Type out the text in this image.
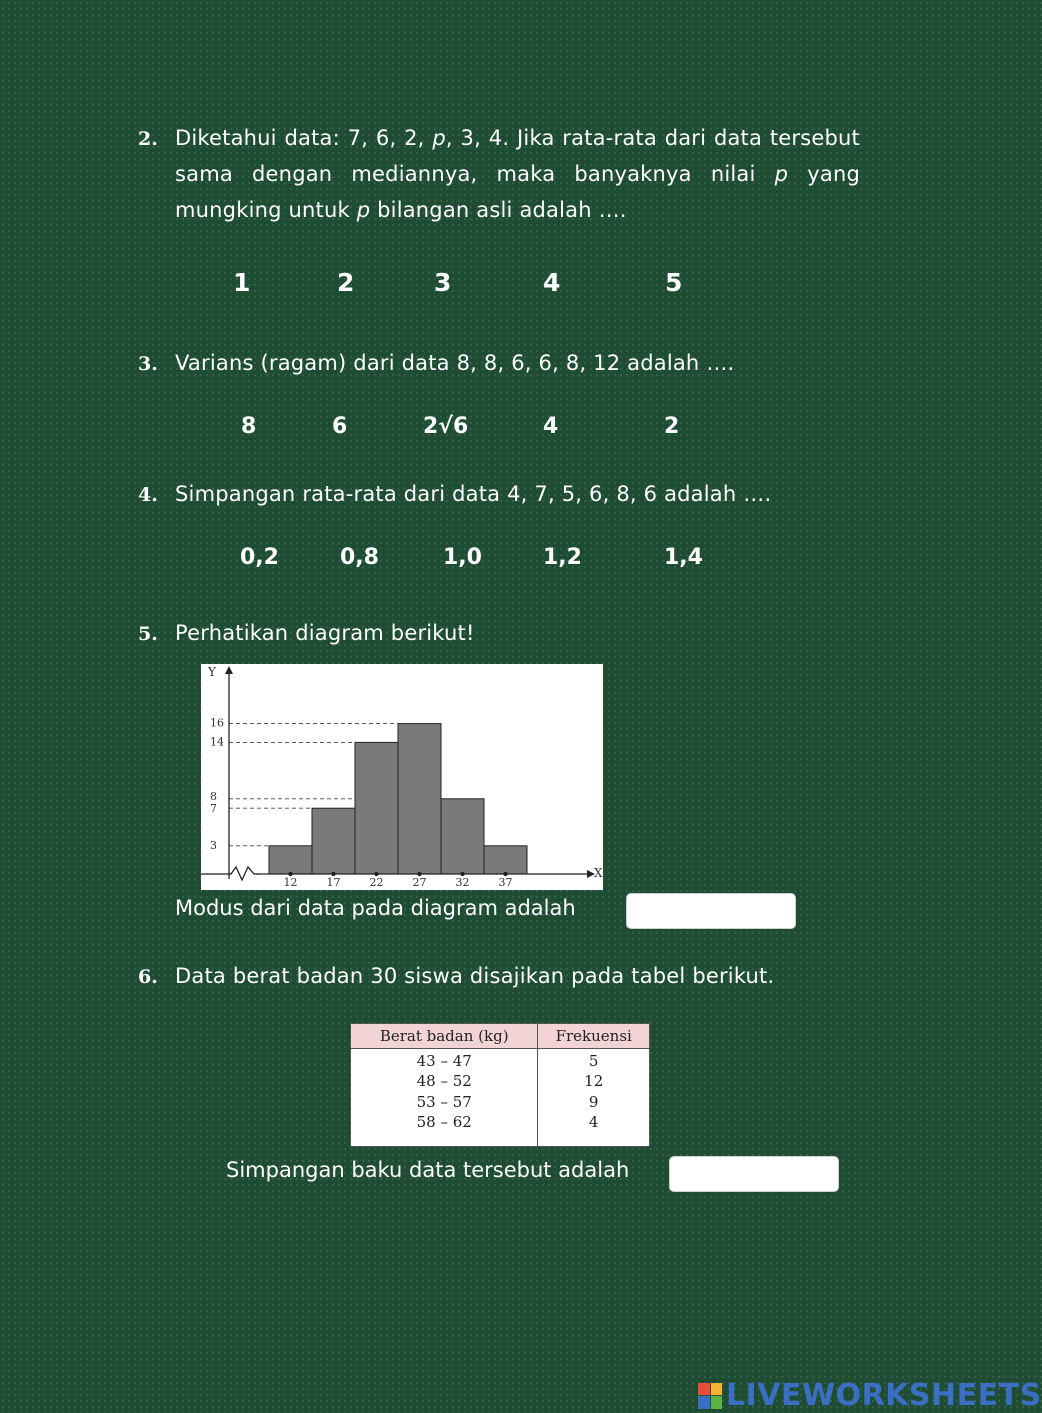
2. Diketahui data: 7, 6, 2, p, 3, 4. Jika rata-rata dari data tersebut sama dengan mediannya, maka banyaknya nilai p yang mungking untuk p bilangan asli adalah ….
1	2	3	4	5
3. Varians (ragam) dari data 8, 8, 6, 6, 8, 12 adalah ….
8	6	2√6	4	2
4. Simpangan rata-rata dari data 4, 7, 5, 6, 8, 6 adalah ….
0,2	0,8	1,0	1,2	1,4
5. Perhatikan diagram berikut!
Y
X
3
7
8
14
16
12	17	22	27	32	37
Modus dari data pada diagram adalah
6. Data berat badan 30 siswa disajikan pada tabel berikut.
Berat badan (kg)	Frekuensi
43 – 47	5
48 – 52	12
53 – 57	9
58 – 62	4
Simpangan baku data tersebut adalah
LIVEWORKSHEETS
